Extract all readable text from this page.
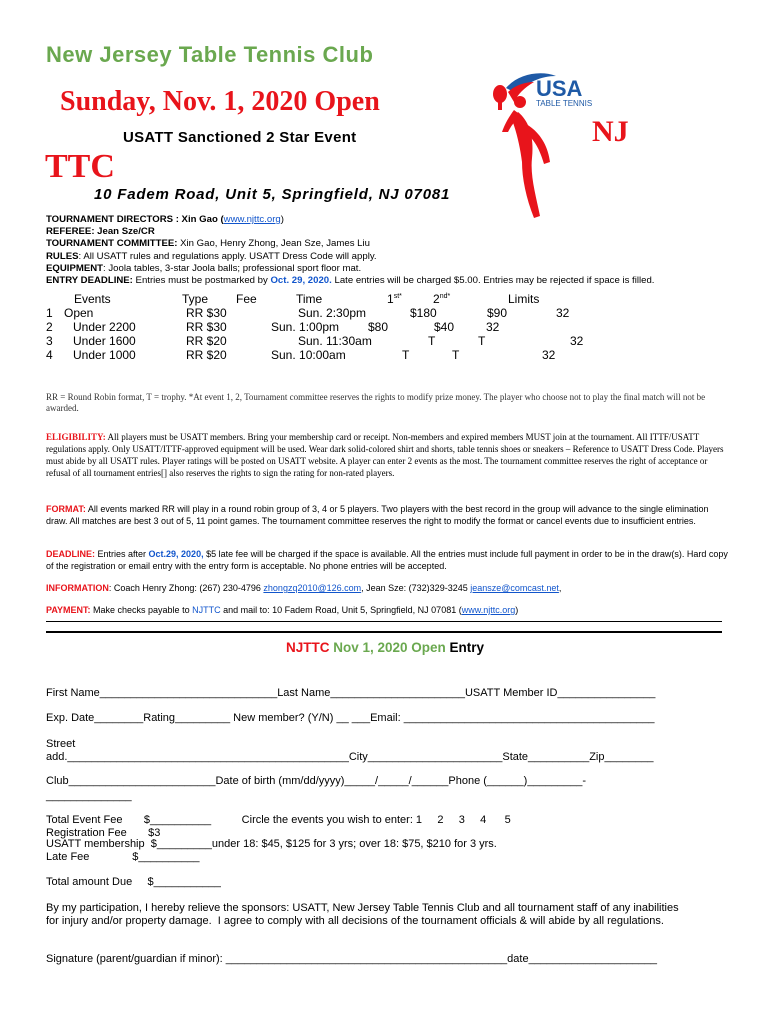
New Jersey Table Tennis Club
Sunday, Nov. 1, 2020 Open
USATT Sanctioned 2 Star Event	NJ
TTC
10 Fadem Road, Unit 5, Springfield, NJ 07081
USA
TABLE TENNIS
TOURNAMENT DIRECTORS : Xin Gao (www.njttc.org)
REFEREE: Jean Sze/CR
TOURNAMENT COMMITTEE: Xin Gao, Henry Zhong, Jean Sze, James Liu
RULES: All USATT rules and regulations apply. USATT Dress Code will apply.
EQUIPMENT: Joola tables, 3-star Joola balls; professional sport floor mat.
ENTRY DEADLINE: Entries must be postmarked by Oct. 29, 2020. Late entries will be charged $5.00. Entries may be rejected if space is filled.
Events	Type Fee	Time	$1^{st*}$	$2^{nd*}$	Limits
1 Open	RR $30	Sun. 2:30pm	$180	$90	32
2 Under 2200	RR $30	Sun. 1:00pm $80	$40	32
3 Under 1600	RR $20	Sun. 11:30am	T	T	32
4 Under 1000	RR $20	Sun. 10:00am	T	T	32
RR = Round Robin format, T = trophy. *At event 1, 2, Tournament committee reserves the rights to modify prize money. The player who choose not to play the final match will not be awarded.
ELIGIBILITY: All players must be USATT members. Bring your membership card or receipt. Non-members and expired members MUST join at the tournament. All ITTF/USATT regulations apply. Only USATT/ITTF-approved equipment will be used. Wear dark solid-colored shirt and shorts, table tennis shoes or sneakers – Reference to USATT Dress Code. Players must abide by all USATT rules. Player ratings will be posted on USATT website. A player can enter 2 events as the most. The tournament committee reserves the right of acceptance or refusal of all tournament entries[] also reserves the rights to sign the rating for non-rated players.
FORMAT: All events marked RR will play in a round robin group of 3, 4 or 5 players. Two players with the best record in the group will advance to the single elimination draw. All matches are best 3 out of 5, 11 point games. The tournament committee reserves the right to modify the format or cancel events due to insufficient entries.
DEADLINE: Entries after Oct.29, 2020, $5 late fee will be charged if the space is available. All the entries must include full payment in order to be in the draw(s). Hard copy of the registration or email entry with the entry form is acceptable. No phone entries will be accepted.
INFORMATION: Coach Henry Zhong: (267) 230-4796 zhongzq2010@126.com, Jean Sze: (732)329-3245 jeansze@comcast.net,
PAYMENT: Make checks payable to NJTTC and mail to: 10 Fadem Road, Unit 5, Springfield, NJ 07081 (www.njttc.org)
NJTTC Nov 1, 2020 Open Entry
First Name_____________________________Last Name______________________USATT Member ID________________
Exp. Date________Rating_________ New member? (Y/N) __ ___Email: _________________________________________
Street
add.______________________________________________City______________________State__________Zip________
Club________________________Date of birth (mm/dd/yyyy)_____/_____/______Phone (______)_________-
______________
Total Event Fee       $__________          Circle the events you wish to enter: 1     2     3     4      5
Registration Fee       $3
USATT membership  $_________under 18: $45, $125 for 3 yrs; over 18: $75, $210 for 3 yrs.
Late Fee              $__________
Total amount Due     $___________
By my participation, I hereby relieve the sponsors: USATT, New Jersey Table Tennis Club and all tournament staff of any inabilities
for injury and/or property damage.  I agree to comply with all decisions of the tournament officials & will abide by all regulations.
Signature (parent/guardian if minor): ______________________________________________date_____________________
